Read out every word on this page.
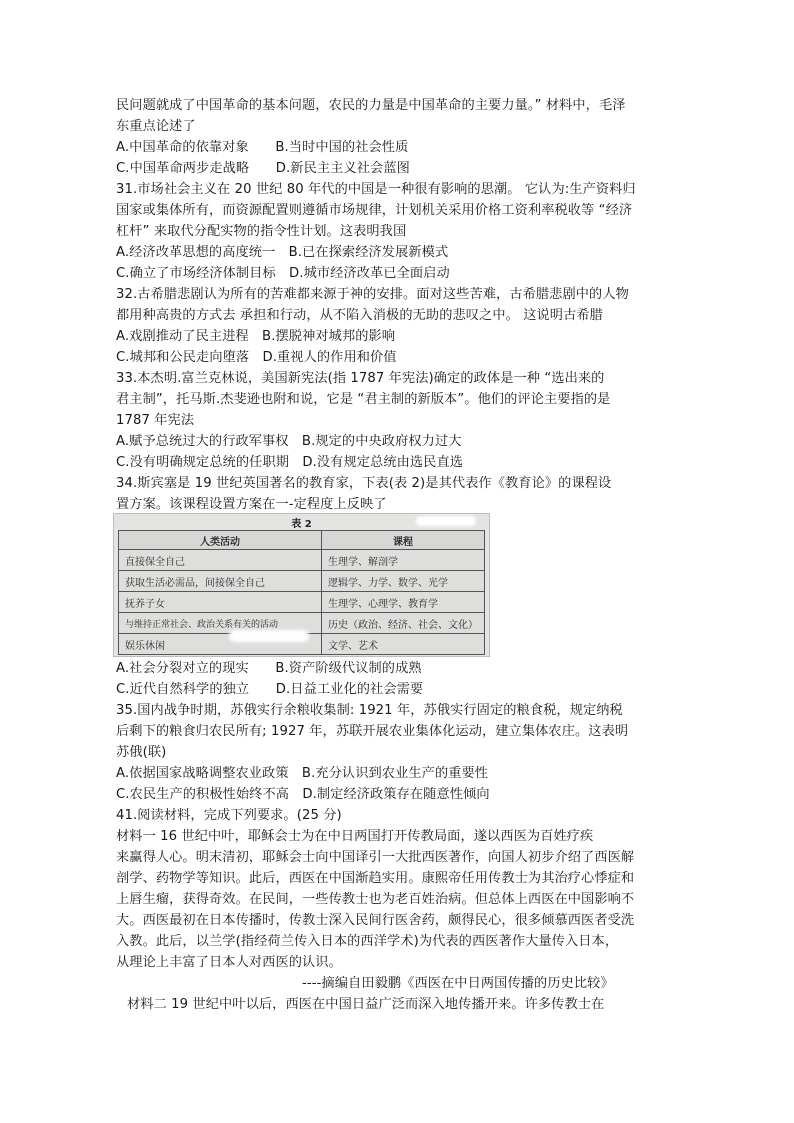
民问题就成了中国革命的基本问题，农民的力量是中国革命的主要力量。” 材料中，毛泽
东重点论述了
A.中国革命的依靠对象　　B.当时中国的社会性质
C.中国革命两步走战略　　D.新民主主义社会蓝图
31.市场社会主义在 20 世纪 80 年代的中国是一种很有影响的思潮。 它认为:生产资料归
国家或集体所有，而资源配置则遵循市场规律，计划机关采用价格工资利率税收等 “经济
杠杆” 来取代分配实物的指令性计划。这表明我国
A.经济改革思想的高度统一　B.已在探索经济发展新模式
C.确立了市场经济体制目标　D.城市经济改革已全面启动
32.古希腊悲剧认为所有的苦难都来源于神的安排。面对这些苦难，古希腊悲剧中的人物
都用种高贵的方式去 承担和行动，从不陷入消极的无助的悲叹之中。 这说明古希腊
A.戏剧推动了民主进程　B.摆脱神对城邦的影响
C.城邦和公民走向堕落　D.重视人的作用和价值
33.本杰明.富兰克林说，美国新宪法(指 1787 年宪法)确定的政体是一种 “选出来的
君主制”，托马斯.杰斐逊也附和说，它是 “君主制的新版本”。他们的评论主要指的是
1787 年宪法
A.赋予总统过大的行政军事权　B.规定的中央政府权力过大
C.没有明确规定总统的任职期　D.没有规定总统由选民直选
34.斯宾塞是 19 世纪英国著名的教育家，下表(表 2)是其代表作《教育论》的课程设
置方案。该课程设置方案在一-定程度上反映了
表 2
人类活动	课程
直接保全自己	生理学、解剖学
获取生活必需品，间接保全自己	逻辑学、力学、数学、光学
抚养子女	生理学、心理学、教育学
与维持正常社会、政治关系有关的活动	历史（政治、经济、社会、文化）
娱乐休闲	文学、艺术
A.社会分裂对立的现实　　B.资产阶级代议制的成熟
C.近代自然科学的独立　　D.日益工业化的社会需要
35.国内战争时期，苏俄实行余粮收集制: 1921 年，苏俄实行固定的粮食税，规定纳税
后剩下的粮食归农民所有; 1927 年，苏联开展农业集体化运动，建立集体农庄。这表明
苏俄(联)
A.依据国家战略调整农业政策　B.充分认识到农业生产的重要性
C.农民生产的积极性始终不高　D.制定经济政策存在随意性倾向
41.阅读材料，完成下列要求。(25 分)
材料一 16 世纪中叶，耶稣会士为在中日两国打开传教局面，遂以西医为百姓疗疾
来赢得人心。明末清初，耶稣会士向中国译引一大批西医著作，向国人初步介绍了西医解
剖学、药物学等知识。此后，西医在中国渐趋实用。康熙帝任用传教士为其治疗心悸症和
上唇生瘤，获得奇效。在民间，一些传教士也为老百姓治病。但总体上西医在中国影响不
大。西医最初在日本传播时，传教士深入民间行医舍药，颇得民心，很多倾慕西医者受洗
入教。此后，以兰学(指经荷兰传入日本的西洋学术)为代表的西医著作大量传入日本，
从理论上丰富了日本人对西医的认识。
----摘编自田毅鹏《西医在中日两国传播的历史比较》
材料二 19 世纪中叶以后，西医在中国日益广泛而深入地传播开来。许多传教士在
